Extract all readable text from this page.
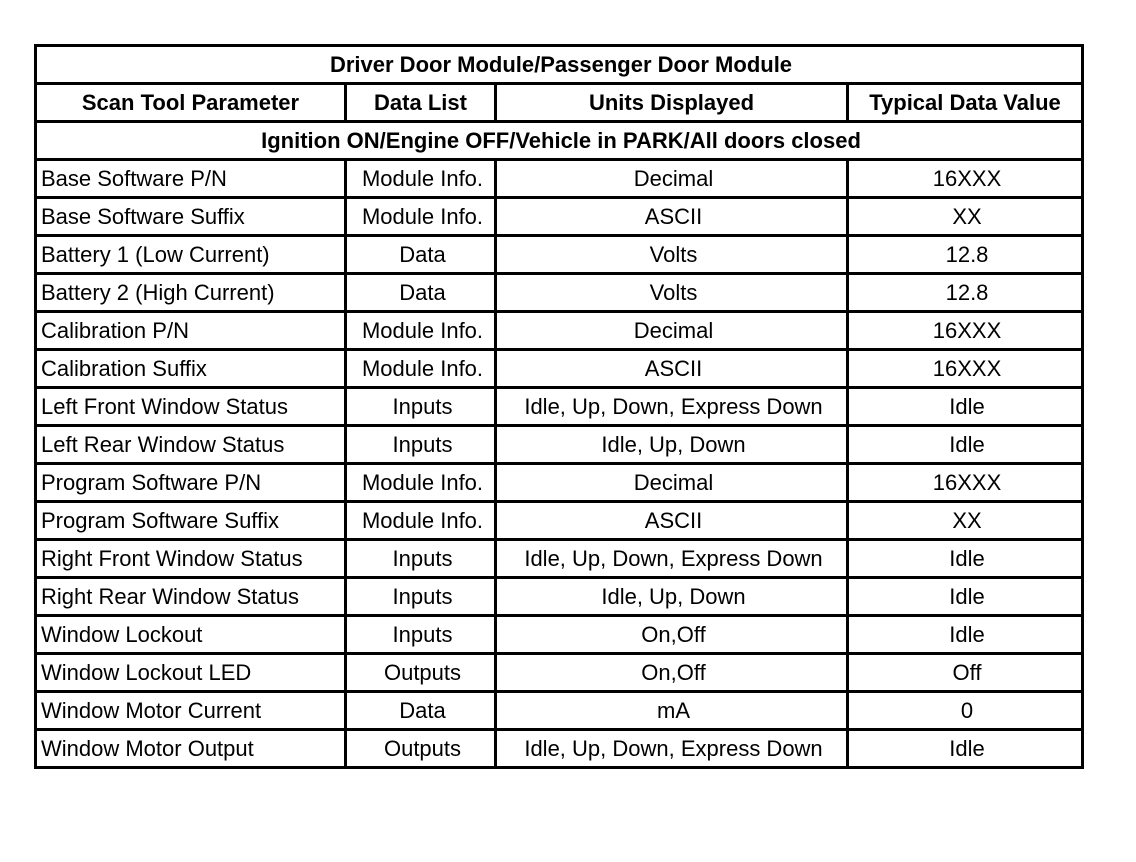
Driver Door Module/Passenger Door Module			
Scan Tool Parameter	Data List	Units Displayed	Typical Data Value
Ignition ON/Engine OFF/Vehicle in PARK/All doors closed			
Base Software P/N	Module Info.	Decimal	16XXX
Base Software Suffix	Module Info.	ASCII	XX
Battery 1 (Low Current)	Data	Volts	12.8
Battery 2 (High Current)	Data	Volts	12.8
Calibration P/N	Module Info.	Decimal	16XXX
Calibration Suffix	Module Info.	ASCII	16XXX
Left Front Window Status	Inputs	Idle, Up, Down, Express Down	Idle
Left Rear Window Status	Inputs	Idle, Up, Down	Idle
Program Software P/N	Module Info.	Decimal	16XXX
Program Software Suffix	Module Info.	ASCII	XX
Right Front Window Status	Inputs	Idle, Up, Down, Express Down	Idle
Right Rear Window Status	Inputs	Idle, Up, Down	Idle
Window Lockout	Inputs	On,Off	Idle
Window Lockout LED	Outputs	On,Off	Off
Window Motor Current	Data	mA	0
Window Motor Output	Outputs	Idle, Up, Down, Express Down	Idle
